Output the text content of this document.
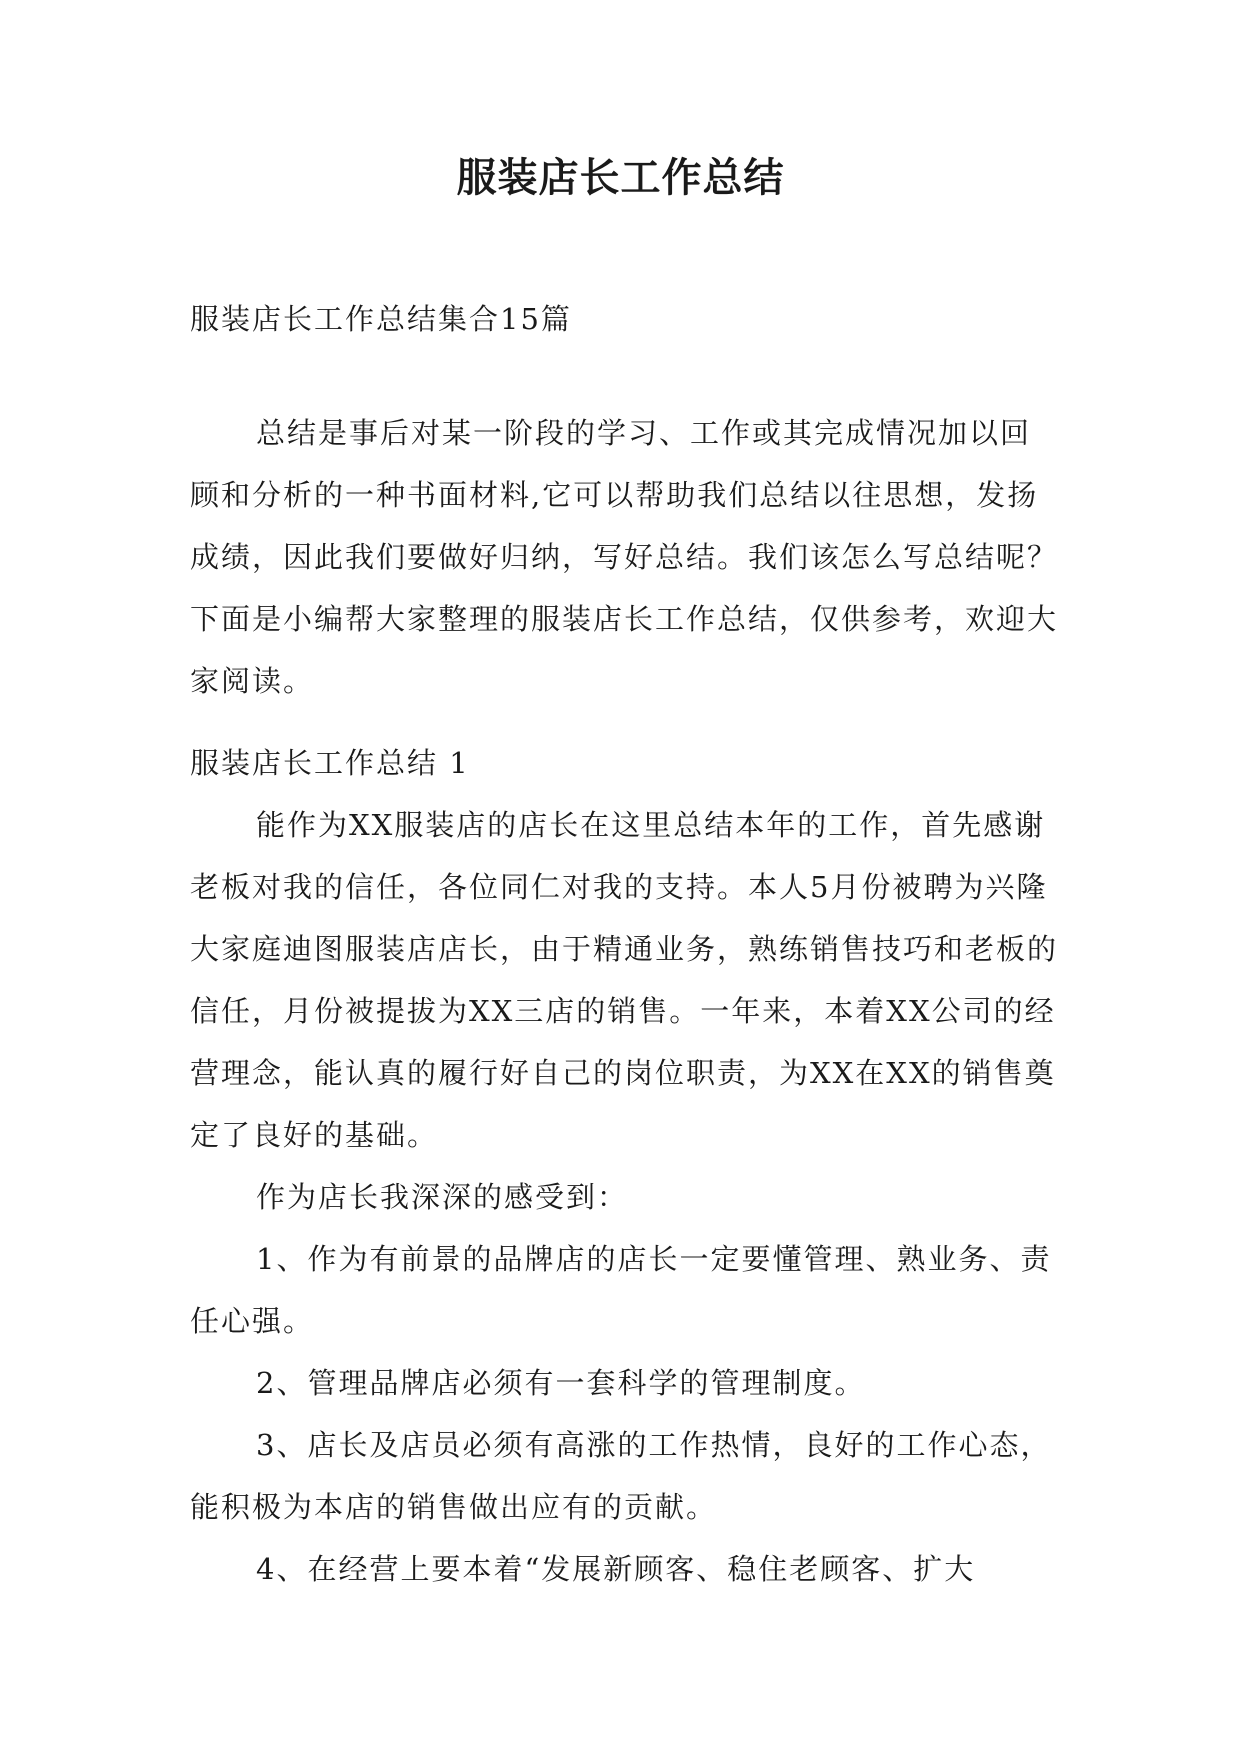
服装店长工作总结

服装店长工作总结集合15篇

总结是事后对某一阶段的学习、工作或其完成情况加以回顾和分析的一种书面材料,它可以帮助我们总结以往思想，发扬成绩，因此我们要做好归纳，写好总结。我们该怎么写总结呢？下面是小编帮大家整理的服装店长工作总结，仅供参考，欢迎大家阅读。

服装店长工作总结 1

能作为XX服装店的店长在这里总结本年的工作，首先感谢老板对我的信任，各位同仁对我的支持。本人5月份被聘为兴隆大家庭迪图服装店店长，由于精通业务，熟练销售技巧和老板的信任，月份被提拔为XX三店的销售。一年来，本着XX公司的经营理念，能认真的履行好自己的岗位职责，为XX在XX的销售奠定了良好的基础。

作为店长我深深的感受到：

1、作为有前景的品牌店的店长一定要懂管理、熟业务、责任心强。

2、管理品牌店必须有一套科学的管理制度。

3、店长及店员必须有高涨的工作热情，良好的工作心态，能积极为本店的销售做出应有的贡献。

4、在经营上要本着“发展新顾客、稳住老顾客、扩大
